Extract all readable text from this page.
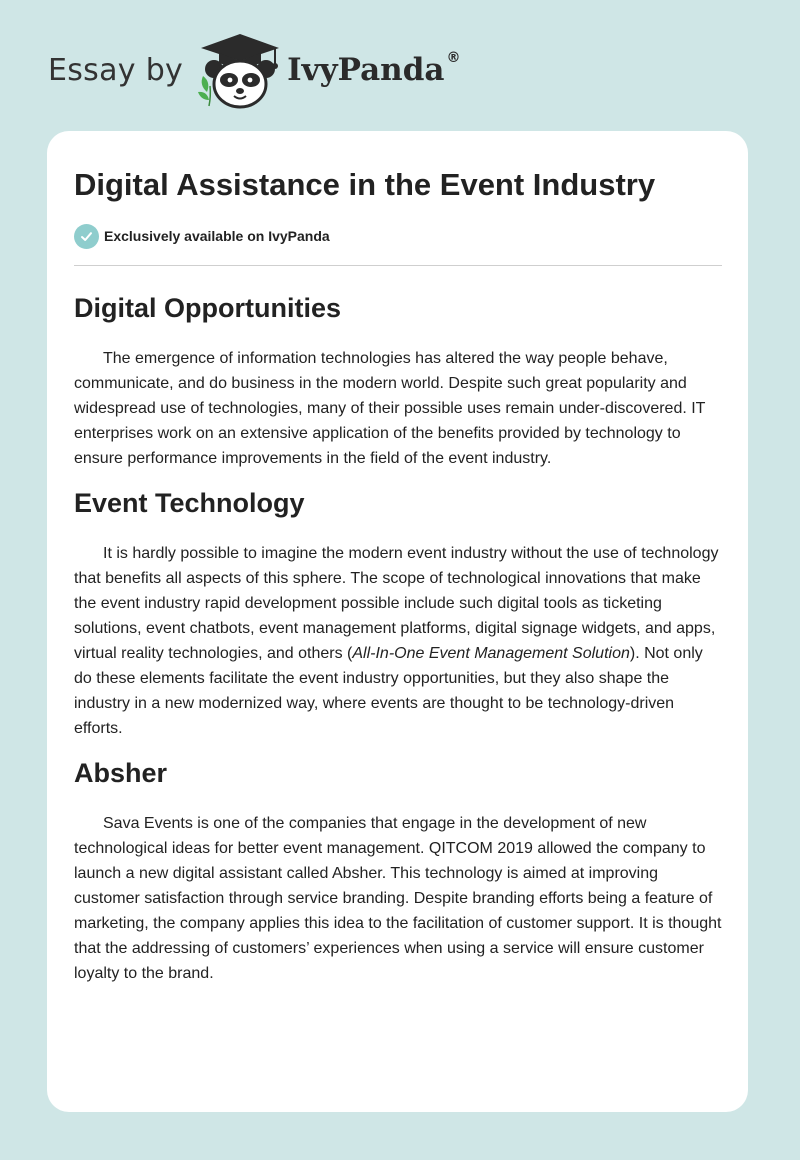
Essay by	IvyPanda ®
Digital Assistance in the Event Industry
Exclusively available on IvyPanda
Digital Opportunities

The emergence of information technologies has altered the way people behave, communicate, and do business in the modern world. Despite such great popularity and widespread use of technologies, many of their possible uses remain under-discovered. IT enterprises work on an extensive application of the benefits provided by technology to ensure performance improvements in the field of the event industry.

Event Technology

It is hardly possible to imagine the modern event industry without the use of technology that benefits all aspects of this sphere. The scope of technological innovations that make the event industry rapid development possible include such digital tools as ticketing solutions, event chatbots, event management platforms, digital signage widgets, and apps, virtual reality technologies, and others (All-In-One Event Management Solution). Not only do these elements facilitate the event industry opportunities, but they also shape the industry in a new modernized way, where events are thought to be technology-driven efforts.

Absher

Sava Events is one of the companies that engage in the development of new technological ideas for better event management. QITCOM 2019 allowed the company to launch a new digital assistant called Absher. This technology is aimed at improving customer satisfaction through service branding. Despite branding efforts being a feature of marketing, the company applies this idea to the facilitation of customer support. It is thought that the addressing of customers’ experiences when using a service will ensure customer loyalty to the brand.
